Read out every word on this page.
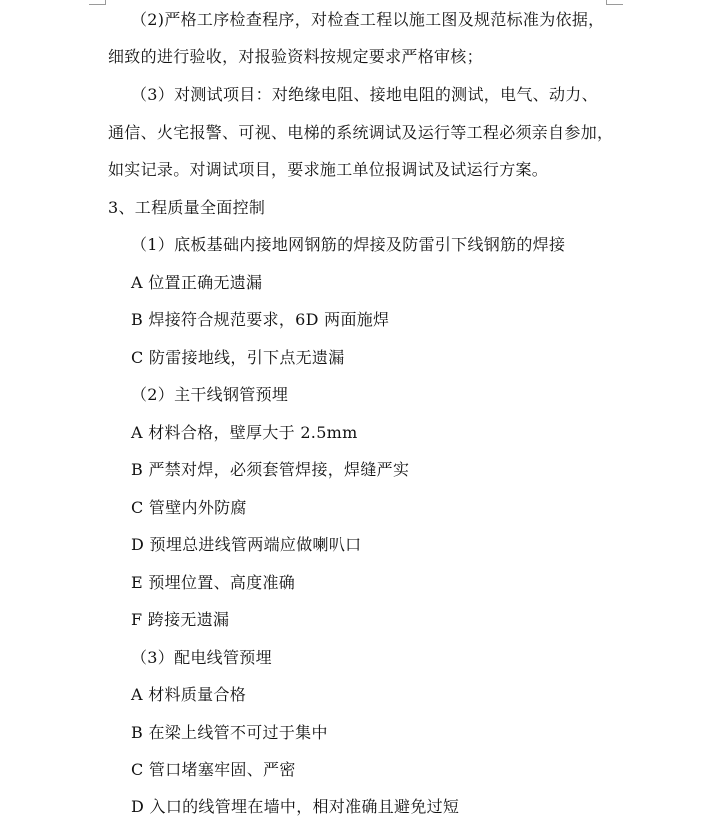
（2)严格工序检查程序，对检查工程以施工图及规范标准为依据，
细致的进行验收，对报验资料按规定要求严格审核；
（3）对测试项目：对绝缘电阻、接地电阻的测试，电气、动力、
通信、火宅报警、可视、电梯的系统调试及运行等工程必须亲自参加，
如实记录。对调试项目，要求施工单位报调试及试运行方案。
3、工程质量全面控制
（1）底板基础内接地网钢筋的焊接及防雷引下线钢筋的焊接
A 位置正确无遗漏
B 焊接符合规范要求，6D 两面施焊
C 防雷接地线，引下点无遗漏
（2）主干线钢管预埋
A 材料合格，壁厚大于 2.5mm
B 严禁对焊，必须套管焊接，焊缝严实
C 管壁内外防腐
D 预埋总进线管两端应做喇叭口
E 预埋位置、高度准确
F 跨接无遗漏
（3）配电线管预埋
A 材料质量合格
B 在梁上线管不可过于集中
C 管口堵塞牢固、严密
D 入口的线管埋在墙中，相对准确且避免过短
